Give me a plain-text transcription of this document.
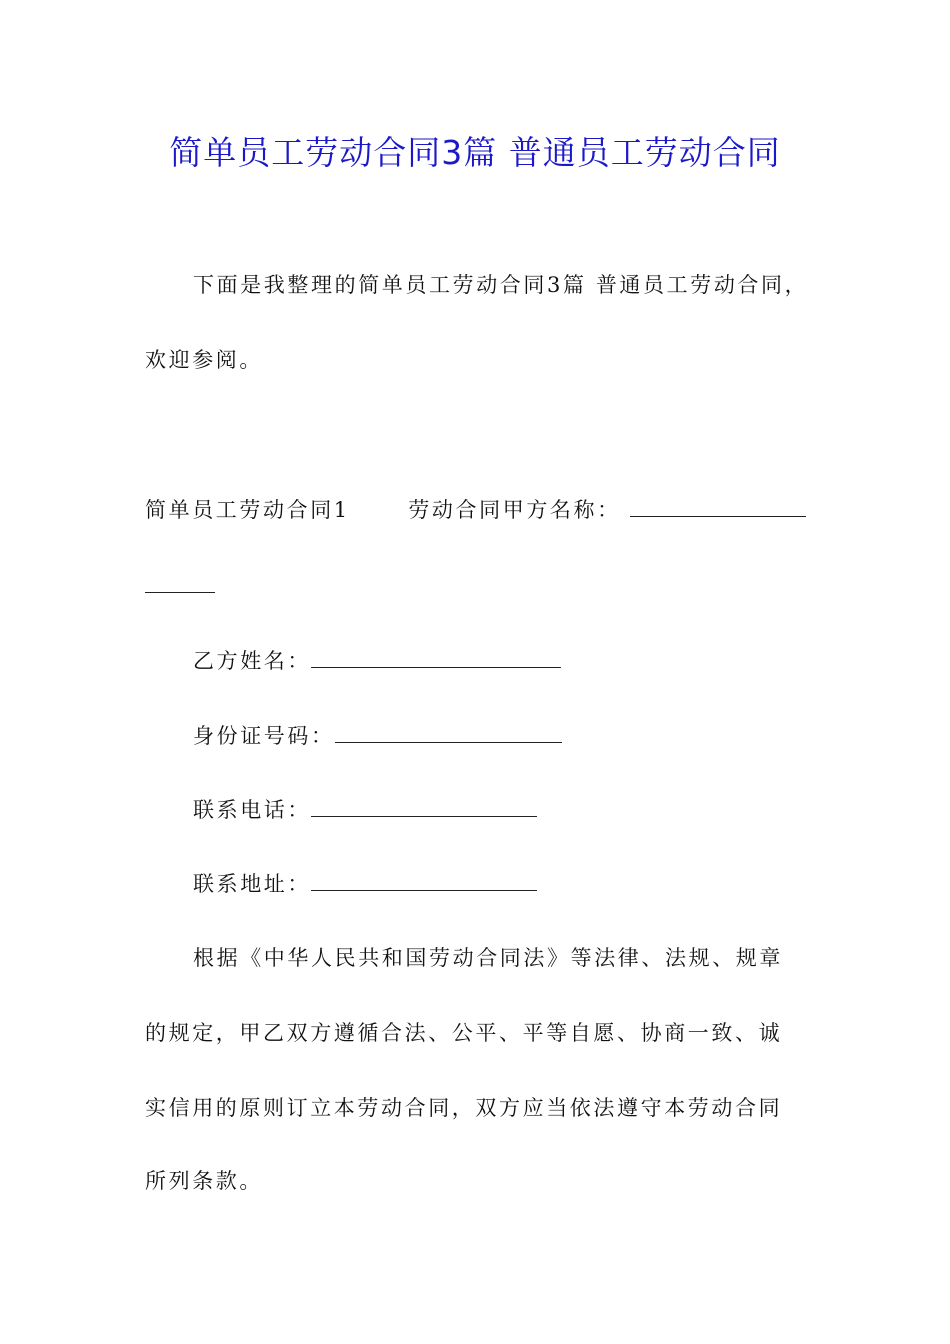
简单员工劳动合同3篇 普通员工劳动合同
下面是我整理的简单员工劳动合同3篇 普通员工劳动合同，
欢迎参阅。
简单员工劳动合同1	劳动合同甲方名称：
乙方姓名：
身份证号码：
联系电话：
联系地址：
根据《中华人民共和国劳动合同法》等法律、法规、规章
的规定，甲乙双方遵循合法、公平、平等自愿、协商一致、诚
实信用的原则订立本劳动合同，双方应当依法遵守本劳动合同
所列条款。
